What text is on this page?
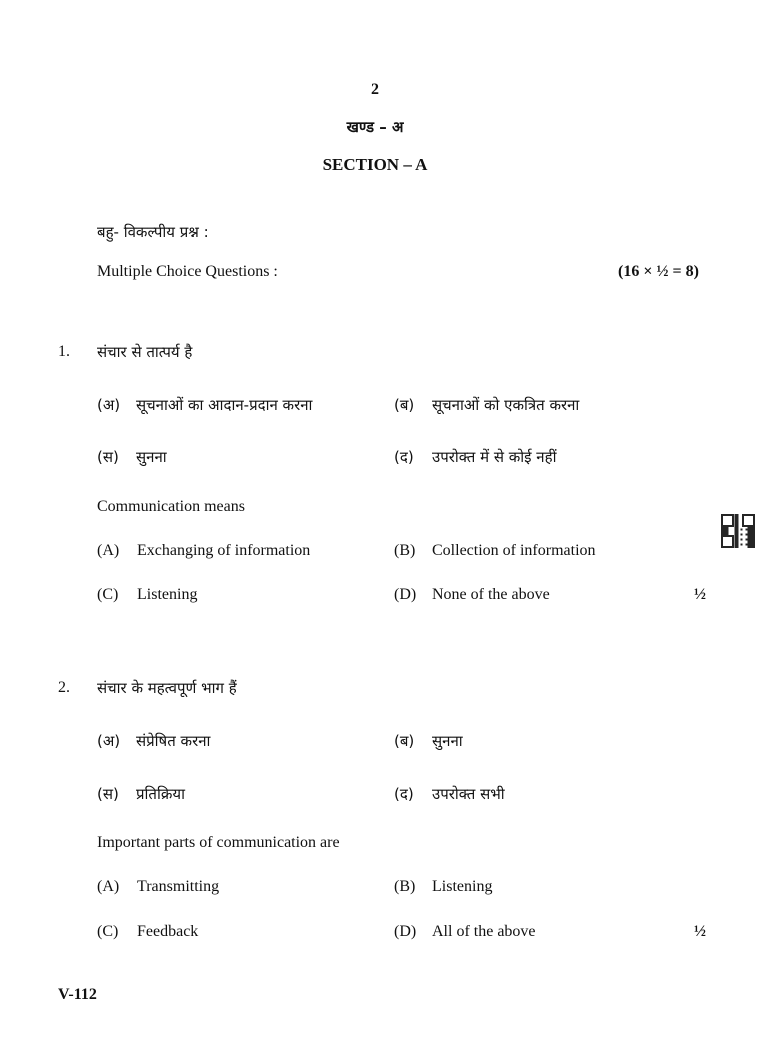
2
खण्ड – अ
SECTION – A
बहु- विकल्पीय प्रश्न :
Multiple Choice Questions :	(16 × ½ = 8)
1. संचार से तात्पर्य है
(अ) सूचनाओं का आदान-प्रदान करना	(ब) सूचनाओं को एकत्रित करना
(स) सुनना	(द) उपरोक्त में से कोई नहीं
Communication means
(A) Exchanging of information	(B) Collection of information
(C) Listening	(D) None of the above	½
2. संचार के महत्वपूर्ण भाग हैं
(अ) संप्रेषित करना	(ब) सुनना
(स) प्रतिक्रिया	(द) उपरोक्त सभी
Important parts of communication are
(A) Transmitting	(B) Listening
(C) Feedback	(D) All of the above	½
V-112
